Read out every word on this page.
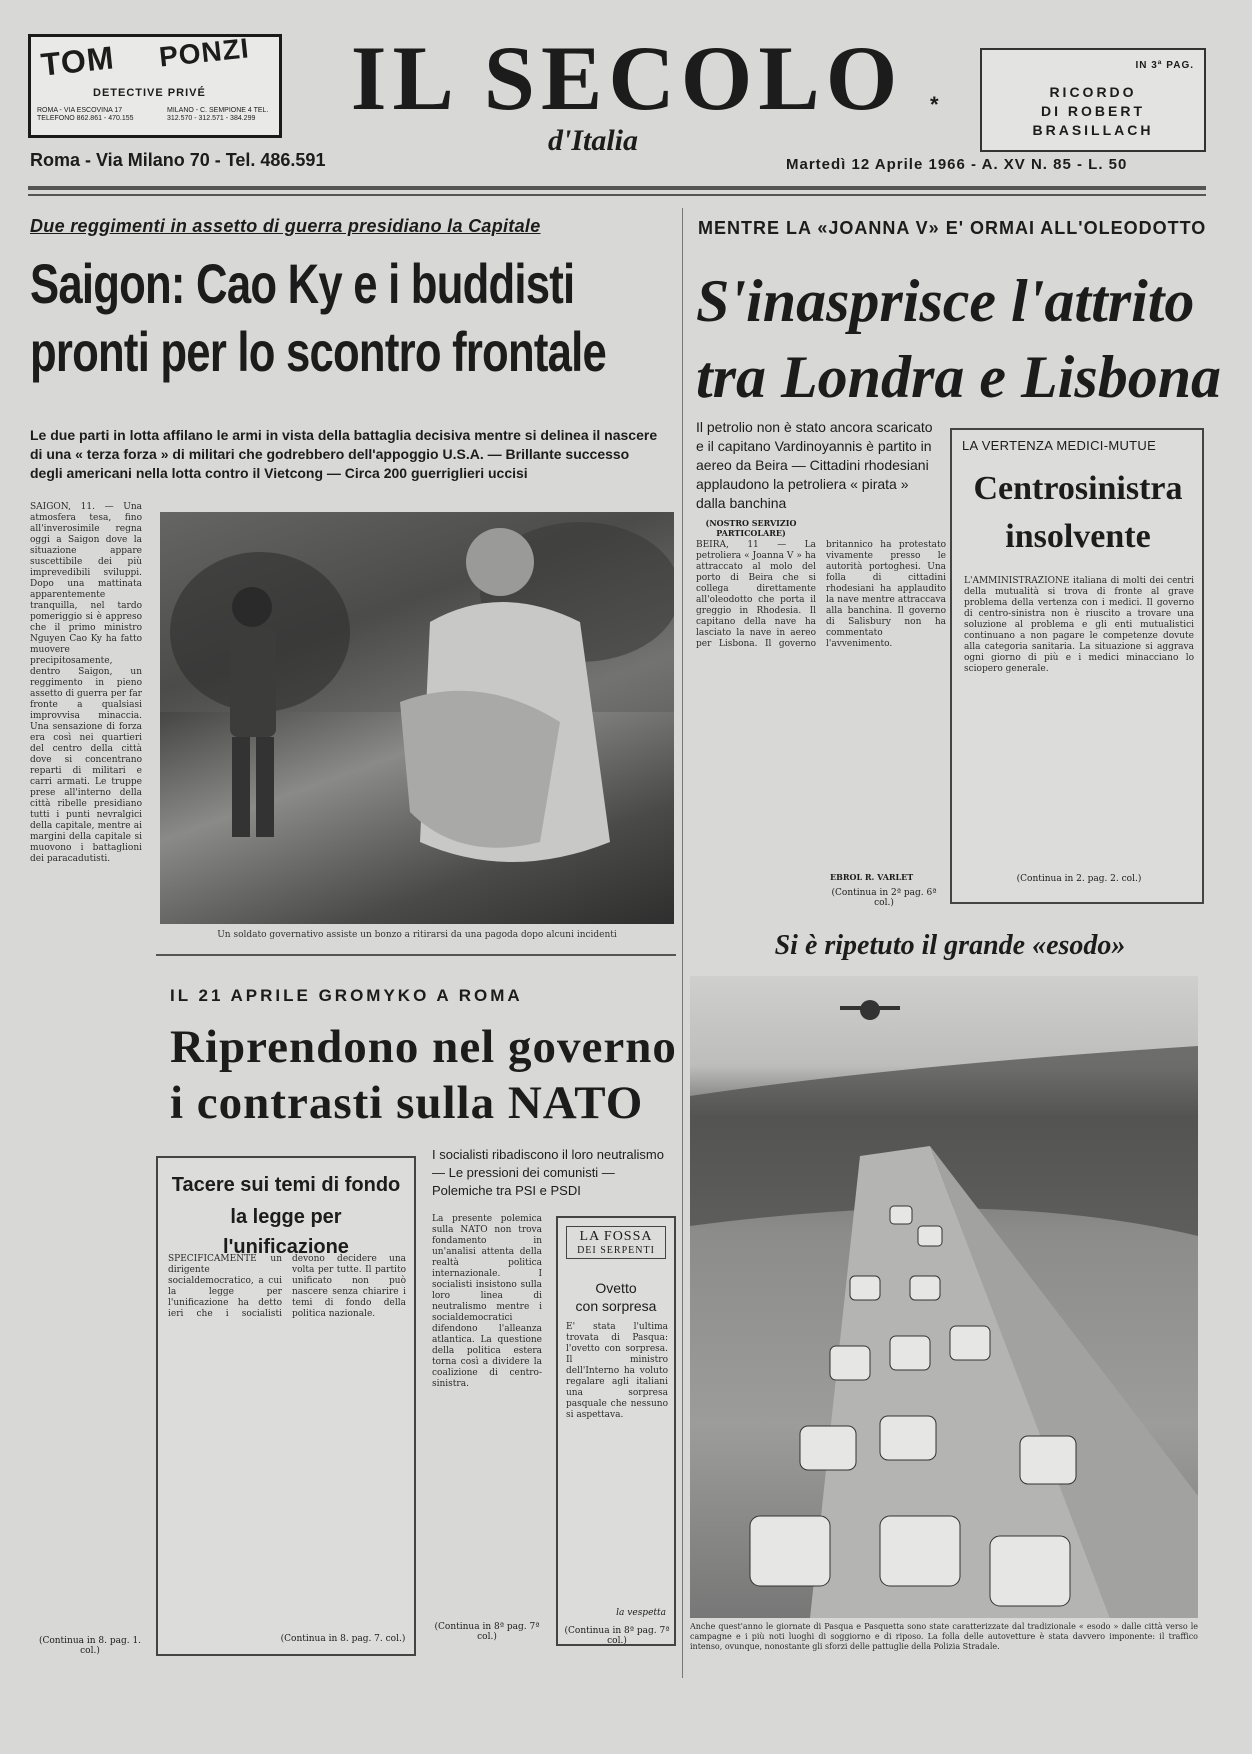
TOM PONZI
DETECTIVE PRIVÉ
ROMA - VIA ESCOVINA 17 TELEFONO 862.861 - 470.155
MILANO - C. SEMPIONE 4 TEL. 312.570 - 312.571 - 384.299	IL SECOLO	*
d'Italia
IN 3ª PAG.
RICORDO
DI ROBERT
BRASILLACH
Roma - Via Milano 70 - Tel. 486.591	Martedì 12 Aprile 1966 - A. XV N. 85 - L. 50
Due reggimenti in assetto di guerra presidiano la Capitale
Saigon: Cao Ky e i buddisti
pronti per lo scontro frontale
Le due parti in lotta affilano le armi in vista della battaglia decisiva mentre si delinea il nascere di una « terza forza » di militari che godrebbero dell'appoggio U.S.A. — Brillante successo degli americani nella lotta contro il Vietcong — Circa 200 guerriglieri uccisi
SAIGON, 11. — Una atmosfera tesa, fino all'inverosimile regna oggi a Saigon dove la situazione appare suscettibile dei più imprevedibili sviluppi. Dopo una mattinata apparentemente tranquilla, nel tardo pomeriggio si è appreso che il primo ministro Nguyen Cao Ky ha fatto muovere precipitosamente, dentro Saigon, un reggimento in pieno assetto di guerra per far fronte a qualsiasi improvvisa minaccia. Una sensazione di forza era così nei quartieri del centro della città dove si concentrano reparti di militari e carri armati. Le truppe prese all'interno della città ribelle presidiano tutti i punti nevralgici della capitale, mentre ai margini della capitale si muovono i battaglioni dei paracadutisti.
Un soldato governativo assiste un bonzo a ritirarsi da una pagoda dopo alcuni incidenti
(Continua in 8. pag. 1. col.)
MENTRE LA «JOANNA V» E' ORMAI ALL'OLEODOTTO
S'inasprisce l'attrito
tra Londra e Lisbona
Il petrolio non è stato ancora scaricato e il capitano Vardinoyannis è partito in aereo da Beira — Cittadini rhodesiani applaudono la petroliera « pirata » dalla banchina
(NOSTRO SERVIZIO PARTICOLARE)
BEIRA, 11 — La petroliera « Joanna V » ha attraccato al molo del porto di Beira che si collega direttamente all'oleodotto che porta il greggio in Rhodesia. Il capitano della nave ha lasciato la nave in aereo per Lisbona. Il governo britannico ha protestato vivamente presso le autorità portoghesi. Una folla di cittadini rhodesiani ha applaudito la nave mentre attraccava alla banchina. Il governo di Salisbury non ha commentato l'avvenimento.
EBROL R. VARLET
(Continua in 2ª pag. 6ª col.)
LA VERTENZA MEDICI-MUTUE
Centrosinistra
insolvente
L'AMMINISTRAZIONE italiana di molti dei centri della mutualità si trova di fronte al grave problema della vertenza con i medici. Il governo di centro-sinistra non è riuscito a trovare una soluzione al problema e gli enti mutualistici continuano a non pagare le competenze dovute alla categoria sanitaria. La situazione si aggrava ogni giorno di più e i medici minacciano lo sciopero generale.
(Continua in 2. pag. 2. col.)
Si è ripetuto il grande «esodo»
Anche quest'anno le giornate di Pasqua e Pasquetta sono state caratterizzate dal tradizionale « esodo » dalle città verso le campagne e i più noti luoghi di soggiorno e di riposo. La folla delle autovetture è stata davvero imponente: il traffico intenso, ovunque, nonostante gli sforzi delle pattuglie della Polizia Stradale.
IL 21 APRILE GROMYKO A ROMA
Riprendono nel governo
i contrasti sulla NATO
I socialisti ribadiscono il loro neutralismo — Le pressioni dei comunisti — Polemiche tra PSI e PSDI
La presente polemica sulla NATO non trova fondamento in un'analisi attenta della realtà politica internazionale. I socialisti insistono sulla loro linea di neutralismo mentre i socialdemocratici difendono l'alleanza atlantica. La questione della politica estera torna così a dividere la coalizione di centro-sinistra.
(Continua in 8ª pag. 7ª col.)
Tacere sui temi di fondo
la legge per l'unificazione
SPECIFICAMENTE un dirigente socialdemocratico, a cui la legge per l'unificazione ha detto ieri che i socialisti devono decidere una volta per tutte. Il partito unificato non può nascere senza chiarire i temi di fondo della politica nazionale.
(Continua in 8. pag. 7. col.)
LA FOSSA
DEI SERPENTI
Ovetto
con sorpresa
E' stata l'ultima trovata di Pasqua: l'ovetto con sorpresa. Il ministro dell'Interno ha voluto regalare agli italiani una sorpresa pasquale che nessuno si aspettava.
la vespetta
(Continua in 8ª pag. 7ª col.)
